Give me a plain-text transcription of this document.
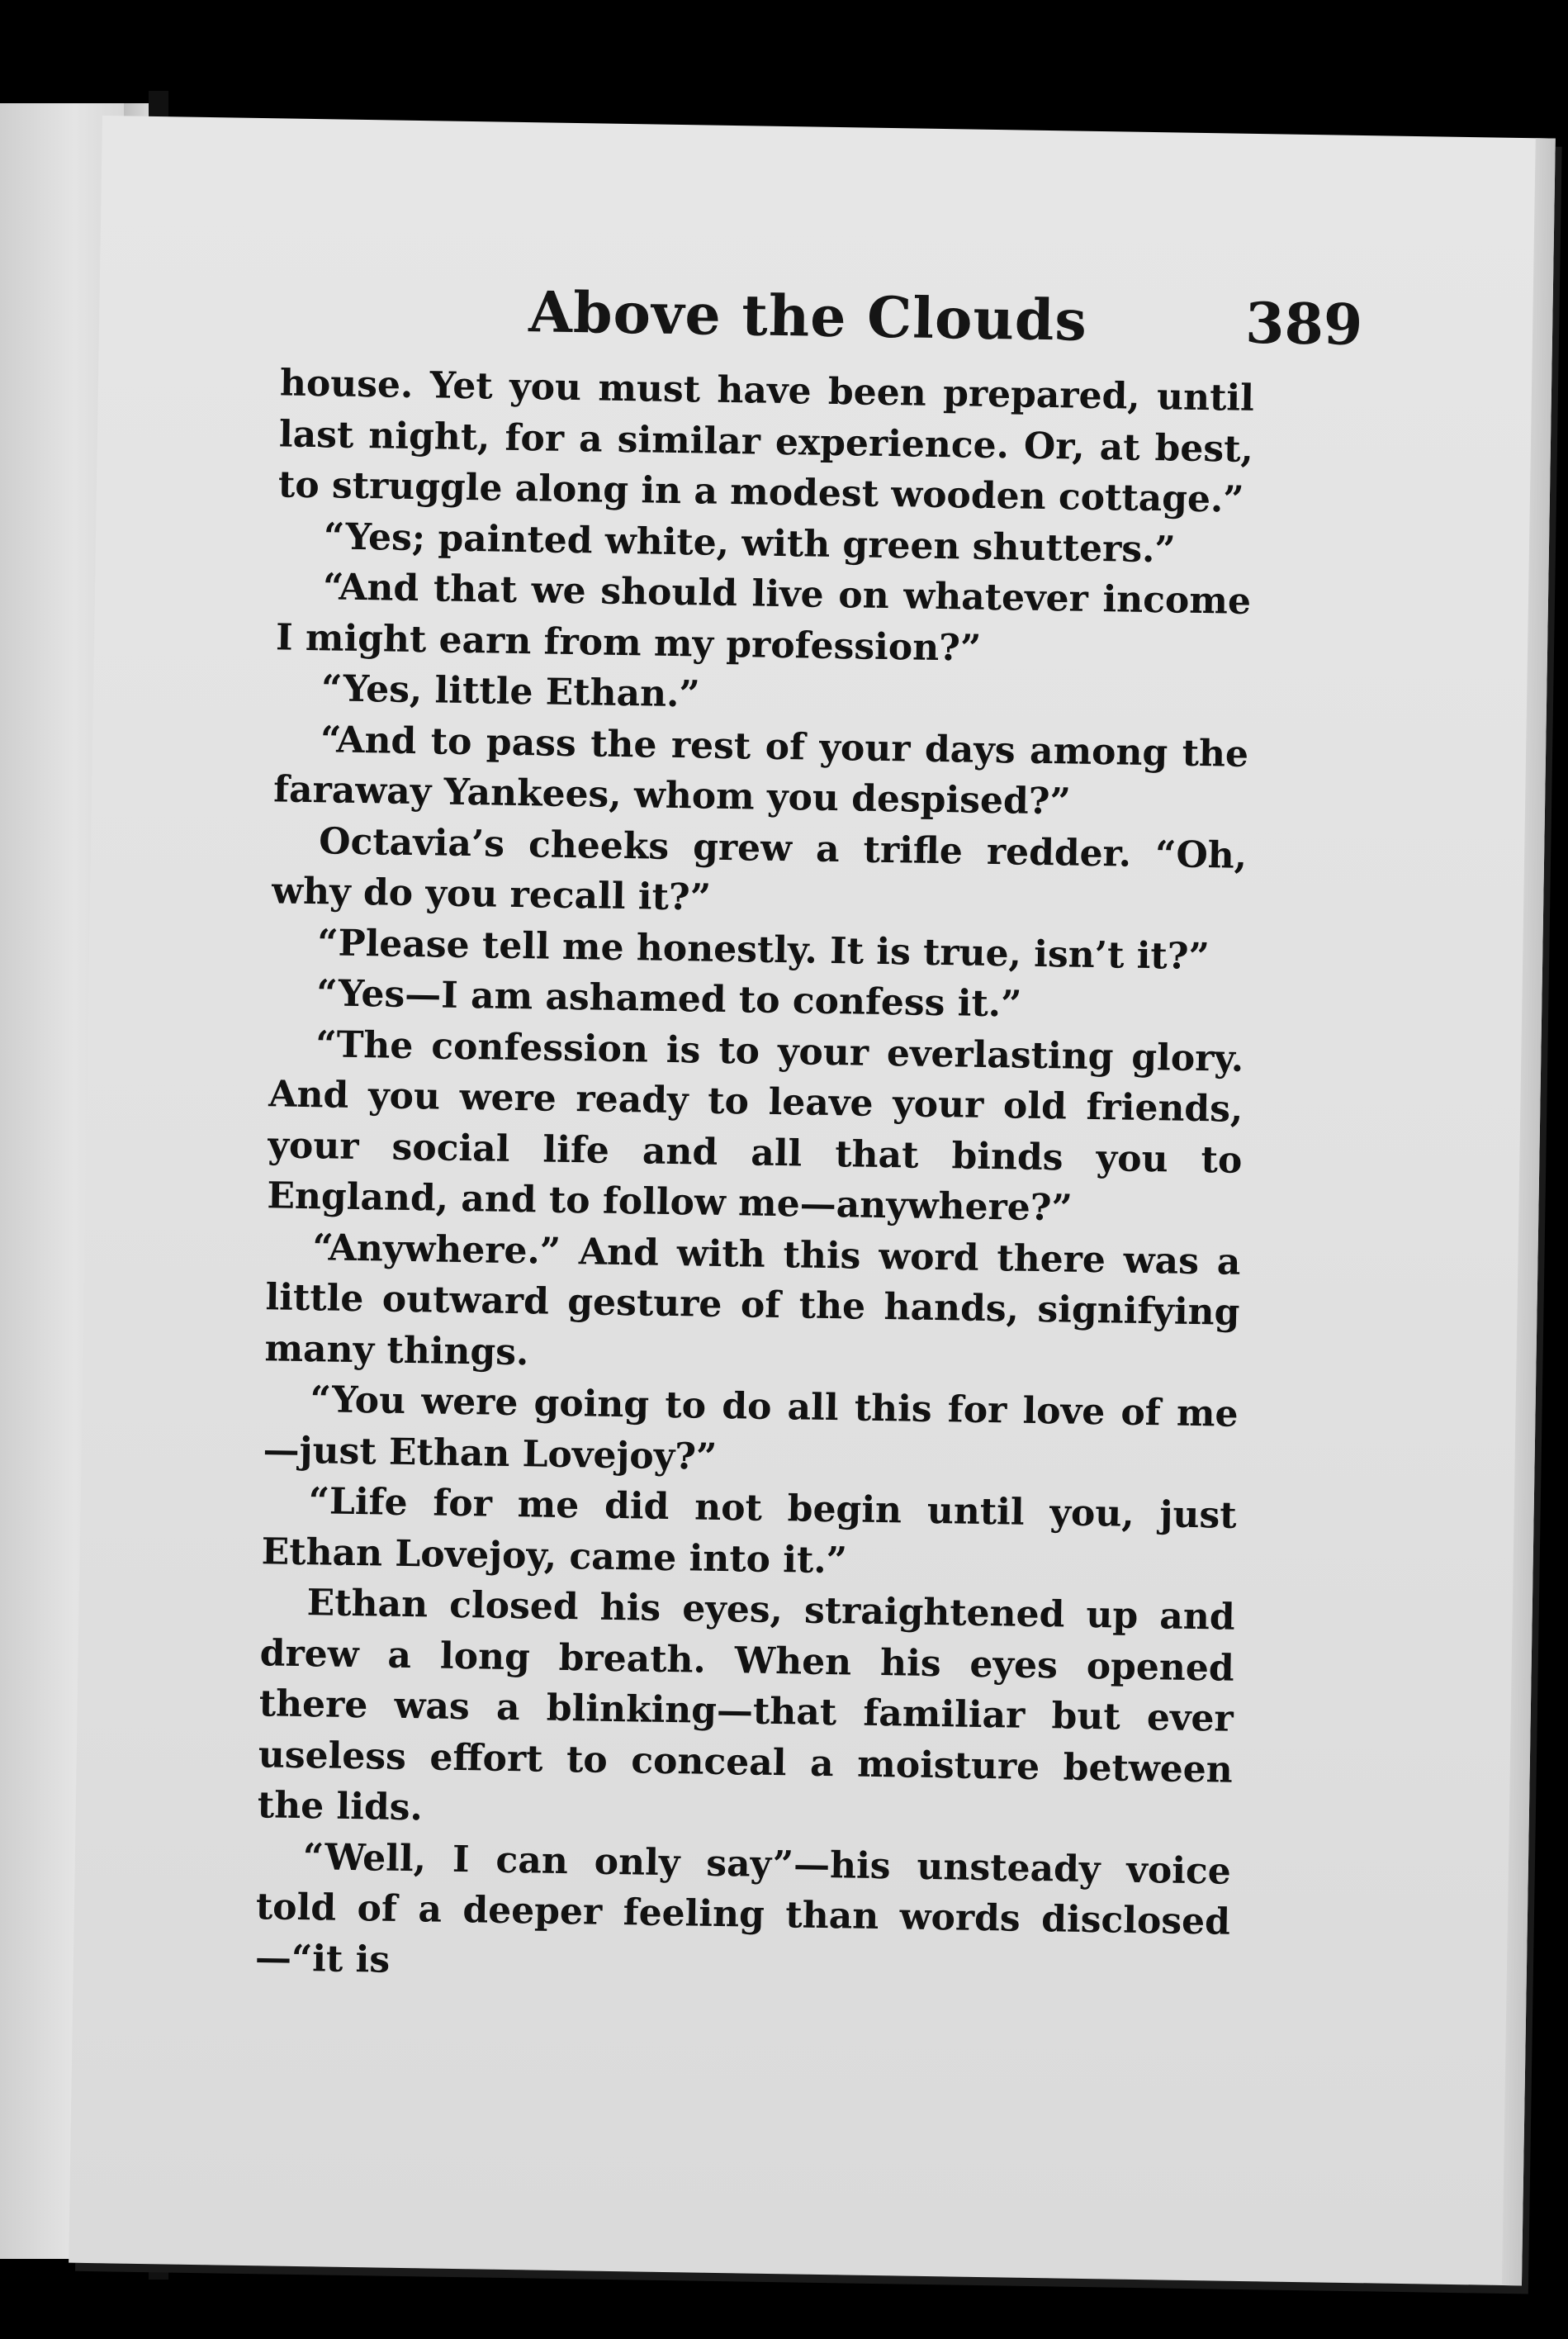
Above the Clouds	389

house. Yet you must have been prepared, until last night, for a similar experience. Or, at best, to struggle along in a modest wooden cottage.”

“Yes; painted white, with green shutters.”

“And that we should live on whatever income I might earn from my profession?”

“Yes, little Ethan.”

“And to pass the rest of your days among the faraway Yankees, whom you despised?”

Octavia’s cheeks grew a trifle redder. “Oh, why do you recall it?”

“Please tell me honestly. It is true, isn’t it?”

“Yes—I am ashamed to confess it.”

“The confession is to your everlasting glory. And you were ready to leave your old friends, your social life and all that binds you to England, and to follow me—anywhere?”

“Anywhere.” And with this word there was a little outward gesture of the hands, signifying many things.

“You were going to do all this for love of me—just Ethan Lovejoy?”

“Life for me did not begin until you, just Ethan Lovejoy, came into it.”

Ethan closed his eyes, straightened up and drew a long breath. When his eyes opened there was a blinking—that familiar but ever useless effort to conceal a moisture between the lids.

“Well, I can only say”—his unsteady voice told of a deeper feeling than words disclosed—“it is
